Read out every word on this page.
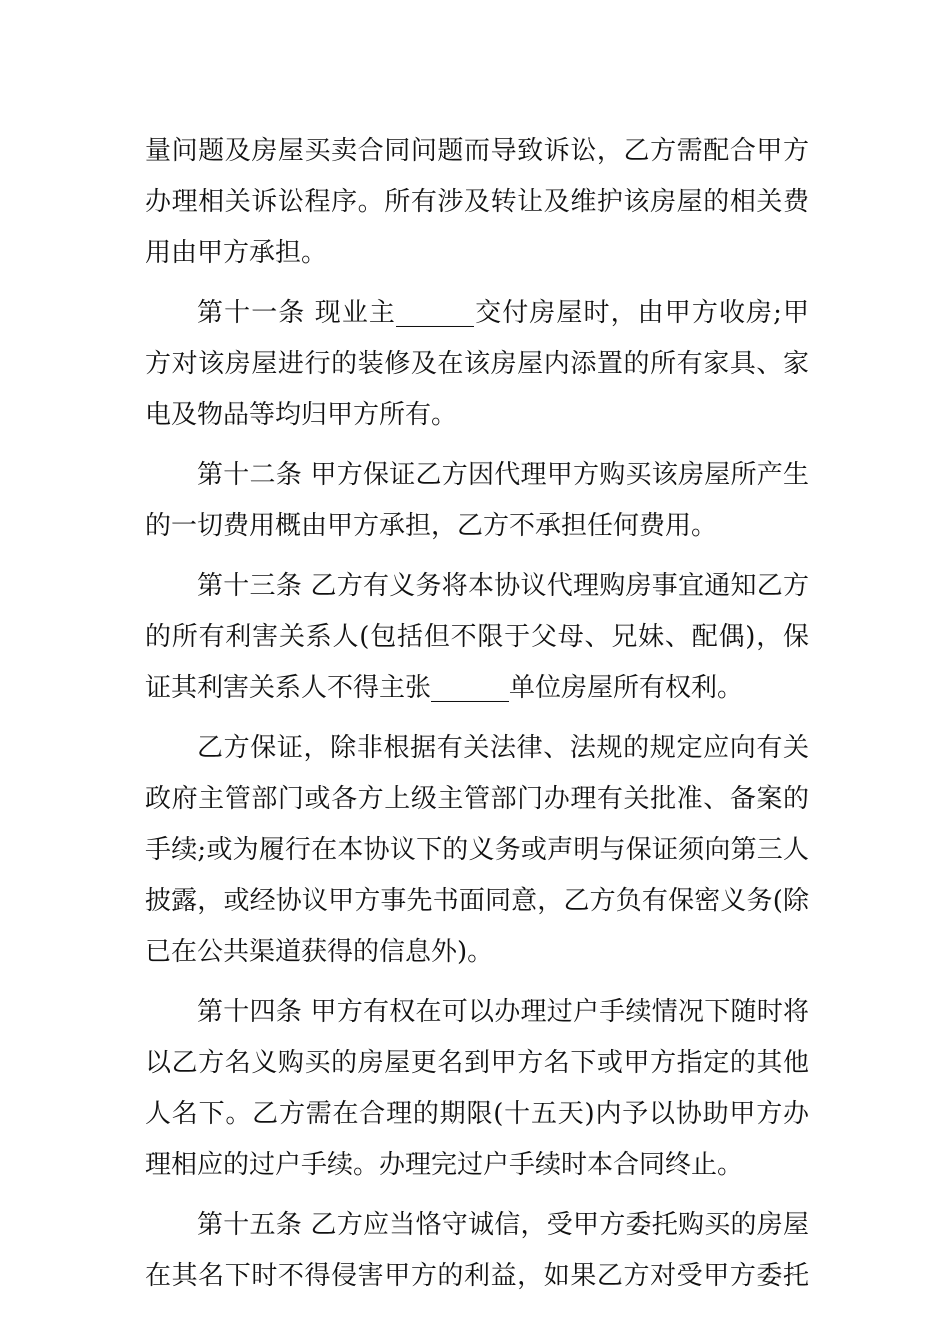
量问题及房屋买卖合同问题而导致诉讼，乙方需配合甲方
办理相关诉讼程序。所有涉及转让及维护该房屋的相关费
用由甲方承担。
第十一条 现业主______交付房屋时，由甲方收房;甲
方对该房屋进行的装修及在该房屋内添置的所有家具、家
电及物品等均归甲方所有。
第十二条 甲方保证乙方因代理甲方购买该房屋所产生
的一切费用概由甲方承担，乙方不承担任何费用。
第十三条 乙方有义务将本协议代理购房事宜通知乙方
的所有利害关系人(包括但不限于父母、兄妹、配偶)，保
证其利害关系人不得主张______单位房屋所有权利。
乙方保证，除非根据有关法律、法规的规定应向有关
政府主管部门或各方上级主管部门办理有关批准、备案的
手续;或为履行在本协议下的义务或声明与保证须向第三人
披露，或经协议甲方事先书面同意，乙方负有保密义务(除
已在公共渠道获得的信息外)。
第十四条 甲方有权在可以办理过户手续情况下随时将
以乙方名义购买的房屋更名到甲方名下或甲方指定的其他
人名下。乙方需在合理的期限(十五天)内予以协助甲方办
理相应的过户手续。办理完过户手续时本合同终止。
第十五条 乙方应当恪守诚信，受甲方委托购买的房屋
在其名下时不得侵害甲方的利益，如果乙方对受甲方委托
